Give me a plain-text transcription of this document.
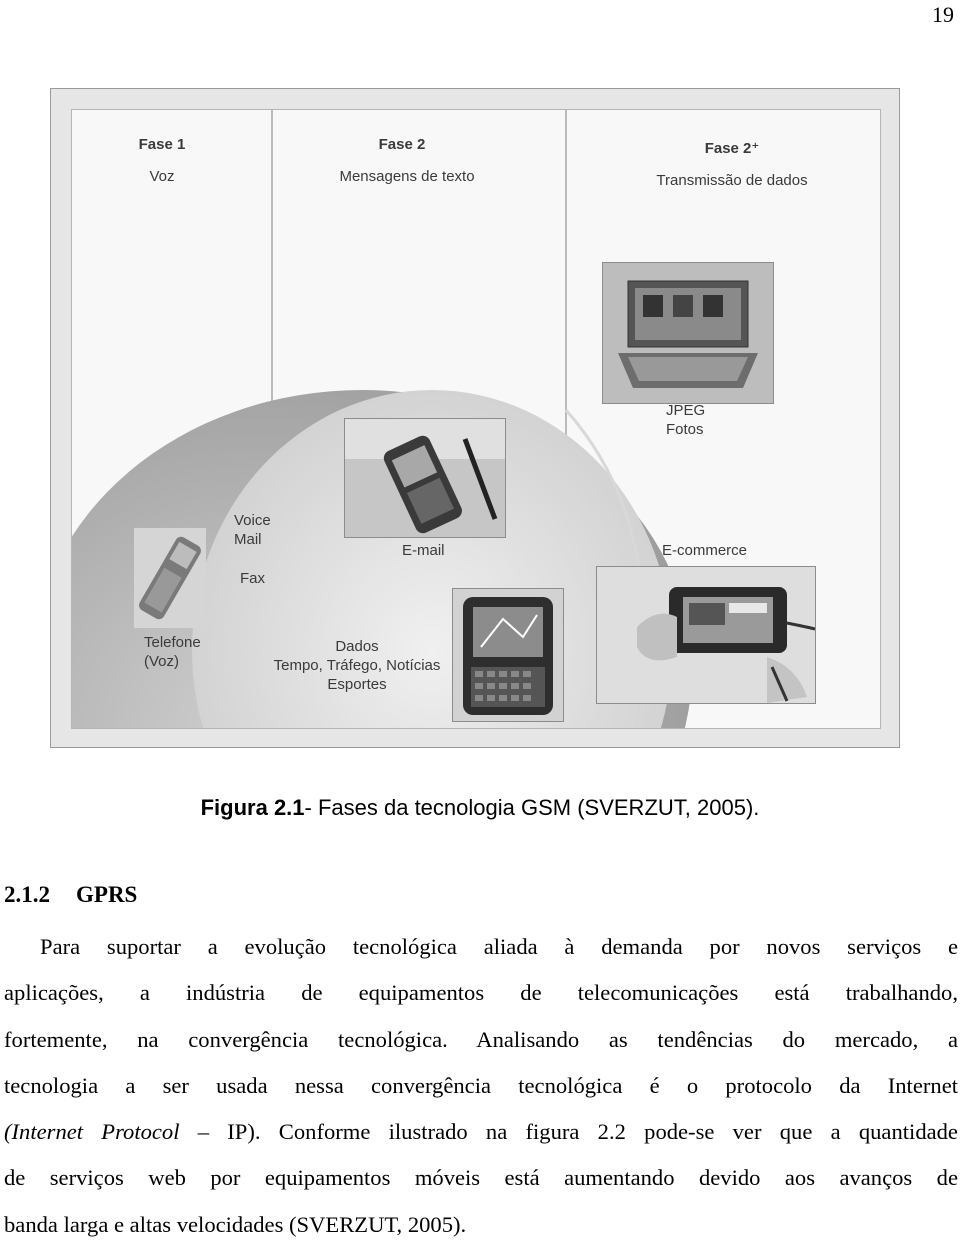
19
Fase 1
Voz
Fase 2
Mensagens de texto
Fase 2⁺
Transmissão de dados
Voice
Mail
Fax
Telefone
(Voz)
E-mail
Dados
Tempo, Tráfego, Notícias
Esportes
JPEG
Fotos
E-commerce
Figura 2.1- Fases da tecnologia GSM (SVERZUT, 2005).
2.1.2 GPRS
Para suportar a evolução tecnológica aliada à demanda por novos serviços e
aplicações, a indústria de equipamentos de telecomunicações está trabalhando,
fortemente, na convergência tecnológica. Analisando as tendências do mercado, a
tecnologia a ser usada nessa convergência tecnológica é o protocolo da Internet
(Internet Protocol – IP). Conforme ilustrado na figura 2.2 pode-se ver que a quantidade
de serviços web por equipamentos móveis está aumentando devido aos avanços de
banda larga e altas velocidades (SVERZUT, 2005).
